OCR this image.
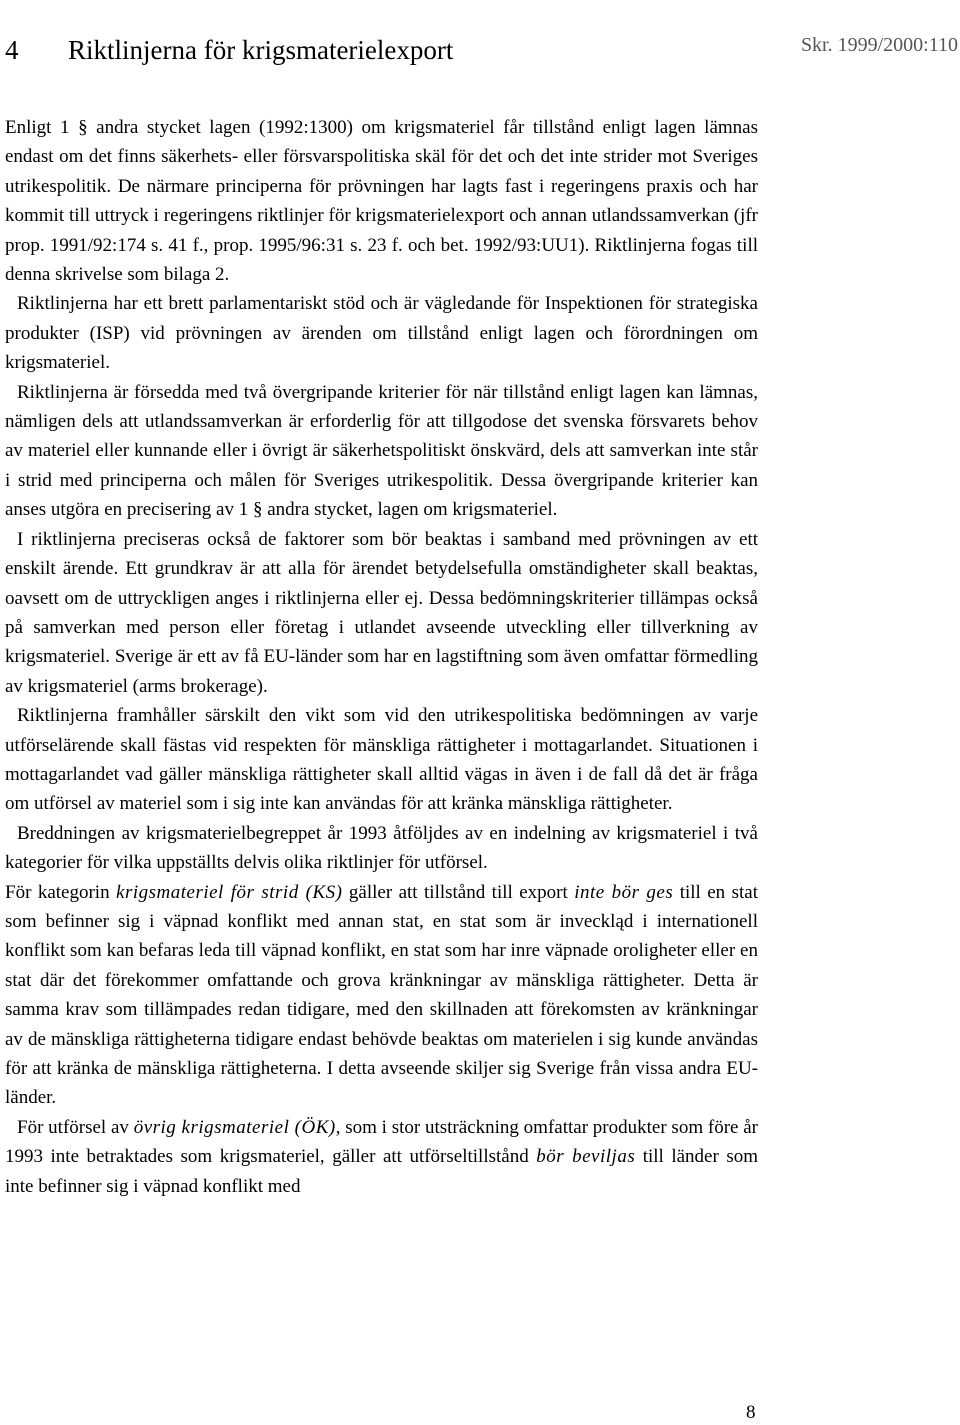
4 Riktlinjerna för krigsmaterielexport	Skr. 1999/2000:110

Enligt 1 § andra stycket lagen (1992:1300) om krigsmateriel får tillstånd enligt lagen lämnas endast om det finns säkerhets- eller försvarspolitiska skäl för det och det inte strider mot Sveriges utrikespolitik. De närmare principerna för prövningen har lagts fast i regeringens praxis och har kommit till uttryck i regeringens riktlinjer för krigsmaterielexport och annan utlandssamverkan (jfr prop. 1991/92:174 s. 41 f., prop. 1995/96:31 s. 23 f. och bet. 1992/93:UU1). Riktlinjerna fogas till denna skrivelse som bilaga 2.

Riktlinjerna har ett brett parlamentariskt stöd och är vägledande för Inspektionen för strategiska produkter (ISP) vid prövningen av ärenden om tillstånd enligt lagen och förordningen om krigsmateriel.

Riktlinjerna är försedda med två övergripande kriterier för när tillstånd enligt lagen kan lämnas, nämligen dels att utlandssamverkan är erforderlig för att tillgodose det svenska försvarets behov av materiel eller kunnande eller i övrigt är säkerhetspolitiskt önskvärd, dels att samverkan inte står i strid med principerna och målen för Sveriges utrikespolitik. Dessa övergripande kriterier kan anses utgöra en precisering av 1 § andra stycket, lagen om krigsmateriel.

I riktlinjerna preciseras också de faktorer som bör beaktas i samband med prövningen av ett enskilt ärende. Ett grundkrav är att alla för ärendet betydelsefulla omständigheter skall beaktas, oavsett om de uttryckligen anges i riktlinjerna eller ej. Dessa bedömningskriterier tillämpas också på samverkan med person eller företag i utlandet avseende utveckling eller tillverkning av krigsmateriel. Sverige är ett av få EU-länder som har en lagstiftning som även omfattar förmedling av krigsmateriel (arms brokerage).

Riktlinjerna framhåller särskilt den vikt som vid den utrikespolitiska bedömningen av varje utförselärende skall fästas vid respekten för mänskliga rättigheter i mottagarlandet. Situationen i mottagarlandet vad gäller mänskliga rättigheter skall alltid vägas in även i de fall då det är fråga om utförsel av materiel som i sig inte kan användas för att kränka mänskliga rättigheter.

Breddningen av krigsmaterielbegreppet år 1993 åtföljdes av en indelning av krigsmateriel i två kategorier för vilka uppställts delvis olika riktlinjer för utförsel.

För kategorin krigsmateriel för strid (KS) gäller att tillstånd till export inte bör ges till en stat som befinner sig i väpnad konflikt med annan stat, en stat som är inveckląd i internationell konflikt som kan befaras leda till väpnad konflikt, en stat som har inre väpnade oroligheter eller en stat där det förekommer omfattande och grova kränkningar av mänskliga rättigheter. Detta är samma krav som tillämpades redan tidigare, med den skillnaden att förekomsten av kränkningar av de mänskliga rättigheterna tidigare endast behövde beaktas om materielen i sig kunde användas för att kränka de mänskliga rättigheterna. I detta avseende skiljer sig Sverige från vissa andra EU-länder.

För utförsel av övrig krigsmateriel (ÖK), som i stor utsträckning omfattar produkter som före år 1993 inte betraktades som krigsmateriel, gäller att utförseltillstånd bör beviljas till länder som inte befinner sig i väpnad konflikt med

8
